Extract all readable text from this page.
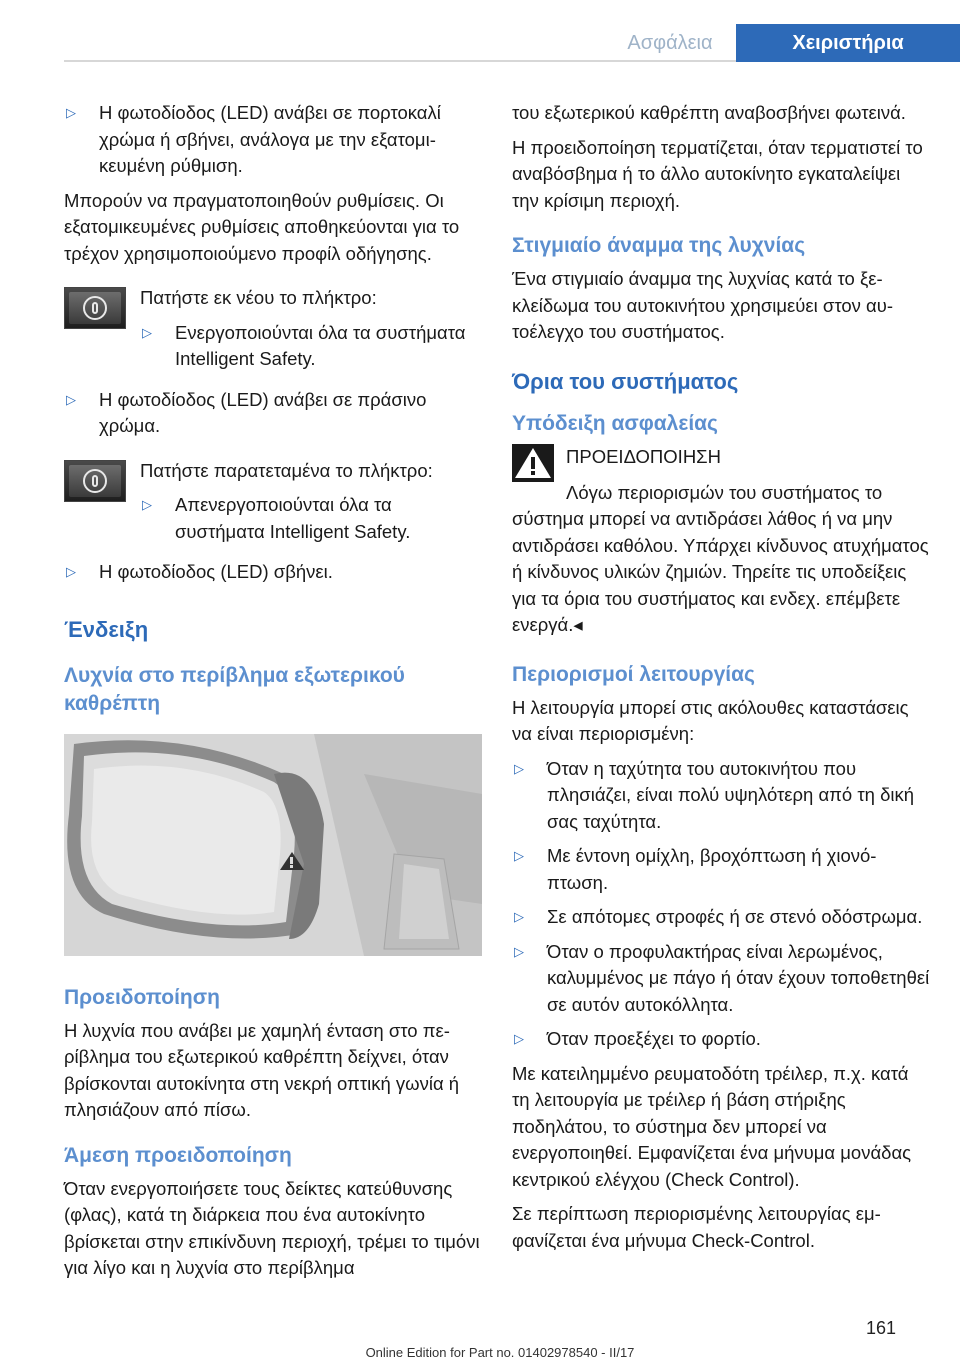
Ασφάλεια	Χειριστήρια
▷ Η φωτοδίοδος (LED) ανάβει σε πορτοκαλί χρώμα ή σβήνει, ανάλογα με την εξατομικευμένη ρύθμιση.
Μπορούν να πραγματοποιηθούν ρυθμίσεις. Οι εξατομικευμένες ρυθμίσεις αποθηκεύονται για το τρέχον χρησιμοποιούμενο προφίλ οδήγησης.
Πατήστε εκ νέου το πλήκτρο:
▷ Ενεργοποιούνται όλα τα συστήματα Intelligent Safety.
▷ Η φωτοδίοδος (LED) ανάβει σε πράσινο χρώμα.
Πατήστε παρατεταμένα το πλήκτρο:
▷ Απενεργοποιούνται όλα τα συστήματα Intelligent Safety.
▷ Η φωτοδίοδος (LED) σβήνει.
Ένδειξη
Λυχνία στο περίβλημα εξωτερικού καθρέπτη
Προειδοποίηση
Η λυχνία που ανάβει με χαμηλή ένταση στο περίβλημα του εξωτερικού καθρέπτη δείχνει, όταν βρίσκονται αυτοκίνητα στη νεκρή οπτική γωνία ή πλησιάζουν από πίσω.
Άμεση προειδοποίηση
Όταν ενεργοποιήσετε τους δείκτες κατεύθυνσης (φλας), κατά τη διάρκεια που ένα αυτοκίνητο βρίσκεται στην επικίνδυνη περιοχή, τρέμει το τιμόνι για λίγο και η λυχνία στο περίβλημα
του εξωτερικού καθρέπτη αναβοσβήνει φωτεινά.
Η προειδοποίηση τερματίζεται, όταν τερματιστεί το αναβόσβημα ή το άλλο αυτοκίνητο εγκαταλείψει την κρίσιμη περιοχή.
Στιγμιαίο άναμμα της λυχνίας
Ένα στιγμιαίο άναμμα της λυχνίας κατά το ξεκλείδωμα του αυτοκινήτου χρησιμεύει στον αυτοέλεγχο του συστήματος.
Όρια του συστήματος
Υπόδειξη ασφαλείας
ΠΡΟΕΙΔΟΠΟΙΗΣΗ
Λόγω περιορισμών του συστήματος το σύστημα μπορεί να αντιδράσει λάθος ή να μην αντιδράσει καθόλου. Υπάρχει κίνδυνος ατυχήματος ή κίνδυνος υλικών ζημιών. Τηρείτε τις υποδείξεις για τα όρια του συστήματος και ενδεχ. επέμβετε ενεργά.◂
Περιορισμοί λειτουργίας
Η λειτουργία μπορεί στις ακόλουθες καταστάσεις να είναι περιορισμένη:
▷ Όταν η ταχύτητα του αυτοκινήτου που πλησιάζει, είναι πολύ υψηλότερη από τη δική σας ταχύτητα.
▷ Με έντονη ομίχλη, βροχόπτωση ή χιονόπτωση.
▷ Σε απότομες στροφές ή σε στενό οδόστρωμα.
▷ Όταν ο προφυλακτήρας είναι λερωμένος, καλυμμένος με πάγο ή όταν έχουν τοποθετηθεί σε αυτόν αυτοκόλλητα.
▷ Όταν προεξέχει το φορτίο.
Με κατειλημμένο ρευματοδότη τρέιλερ, π.χ. κατά τη λειτουργία με τρέιλερ ή βάση στήριξης ποδηλάτου, το σύστημα δεν μπορεί να ενεργοποιηθεί. Εμφανίζεται ένα μήνυμα μονάδας κεντρικού ελέγχου (Check Control).
Σε περίπτωση περιορισμένης λειτουργίας εμφανίζεται ένα μήνυμα Check-Control.
161
Online Edition for Part no. 01402978540 - II/17
